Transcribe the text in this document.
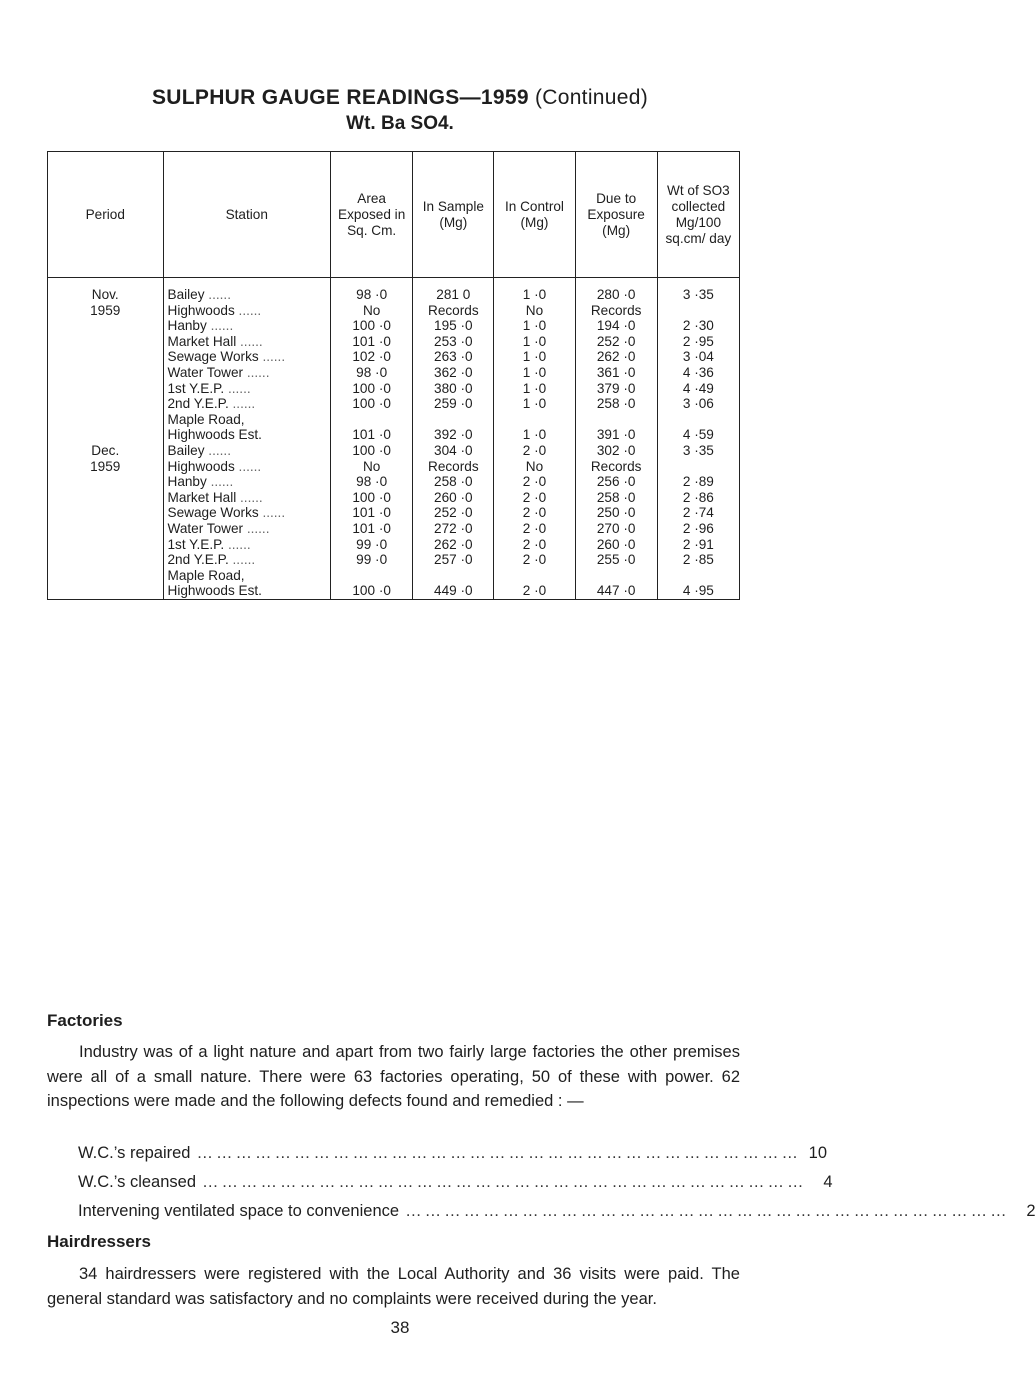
SULPHUR GAUGE READINGS—1959 (Continued)
Wt. Ba SO4.
Period	Station	Area Exposed in Sq. Cm.	In Sample (Mg)	In Control (Mg)	Due to Exposure (Mg)	Wt of SO3 collected Mg/100 sq.cm/ day

Nov.	Bailey ......	98 ·0	281 0	1 ·0	280 ·0	3 ·35
1959	Highwoods ......	No	Records	No	Records	
	Hanby ......	100 ·0	195 ·0	1 ·0	194 ·0	2 ·30
	Market Hall ......	101 ·0	253 ·0	1 ·0	252 ·0	2 ·95
	Sewage Works ......	102 ·0	263 ·0	1 ·0	262 ·0	3 ·04
	Water Tower ......	98 ·0	362 ·0	1 ·0	361 ·0	4 ·36
	1st Y.E.P. ......	100 ·0	380 ·0	1 ·0	379 ·0	4 ·49
	2nd Y.E.P. ......	100 ·0	259 ·0	1 ·0	258 ·0	3 ·06
	Maple Road,					
	Highwoods Est.	101 ·0	392 ·0	1 ·0	391 ·0	4 ·59
Dec.	Bailey ......	100 ·0	304 ·0	2 ·0	302 ·0	3 ·35
1959	Highwoods ......	No	Records	No	Records	
	Hanby ......	98 ·0	258 ·0	2 ·0	256 ·0	2 ·89
	Market Hall ......	100 ·0	260 ·0	2 ·0	258 ·0	2 ·86
	Sewage Works ......	101 ·0	252 ·0	2 ·0	250 ·0	2 ·74
	Water Tower ......	101 ·0	272 ·0	2 ·0	270 ·0	2 ·96
	1st Y.E.P. ......	99 ·0	262 ·0	2 ·0	260 ·0	2 ·91
	2nd Y.E.P. ......	99 ·0	257 ·0	2 ·0	255 ·0	2 ·85
	Maple Road,					
	Highwoods Est.	100 ·0	449 ·0	2 ·0	447 ·0	4 ·95
Factories

Industry was of a light nature and apart from two fairly large factories the other premises were all of a small nature. There were 63 factories operating, 50 of these with power. 62 inspections were made and the following defects found and remedied : —

W.C.’s repaired ………………………………………………………………………………… 10
W.C.’s cleansed …………………………………………………………………………………	4
Intervening ventilated space to convenience …………………………………………………………………………………	2
Hairdressers

34 hairdressers were registered with the Local Authority and 36 visits were paid. The general standard was satisfactory and no complaints were received during the year.

38
